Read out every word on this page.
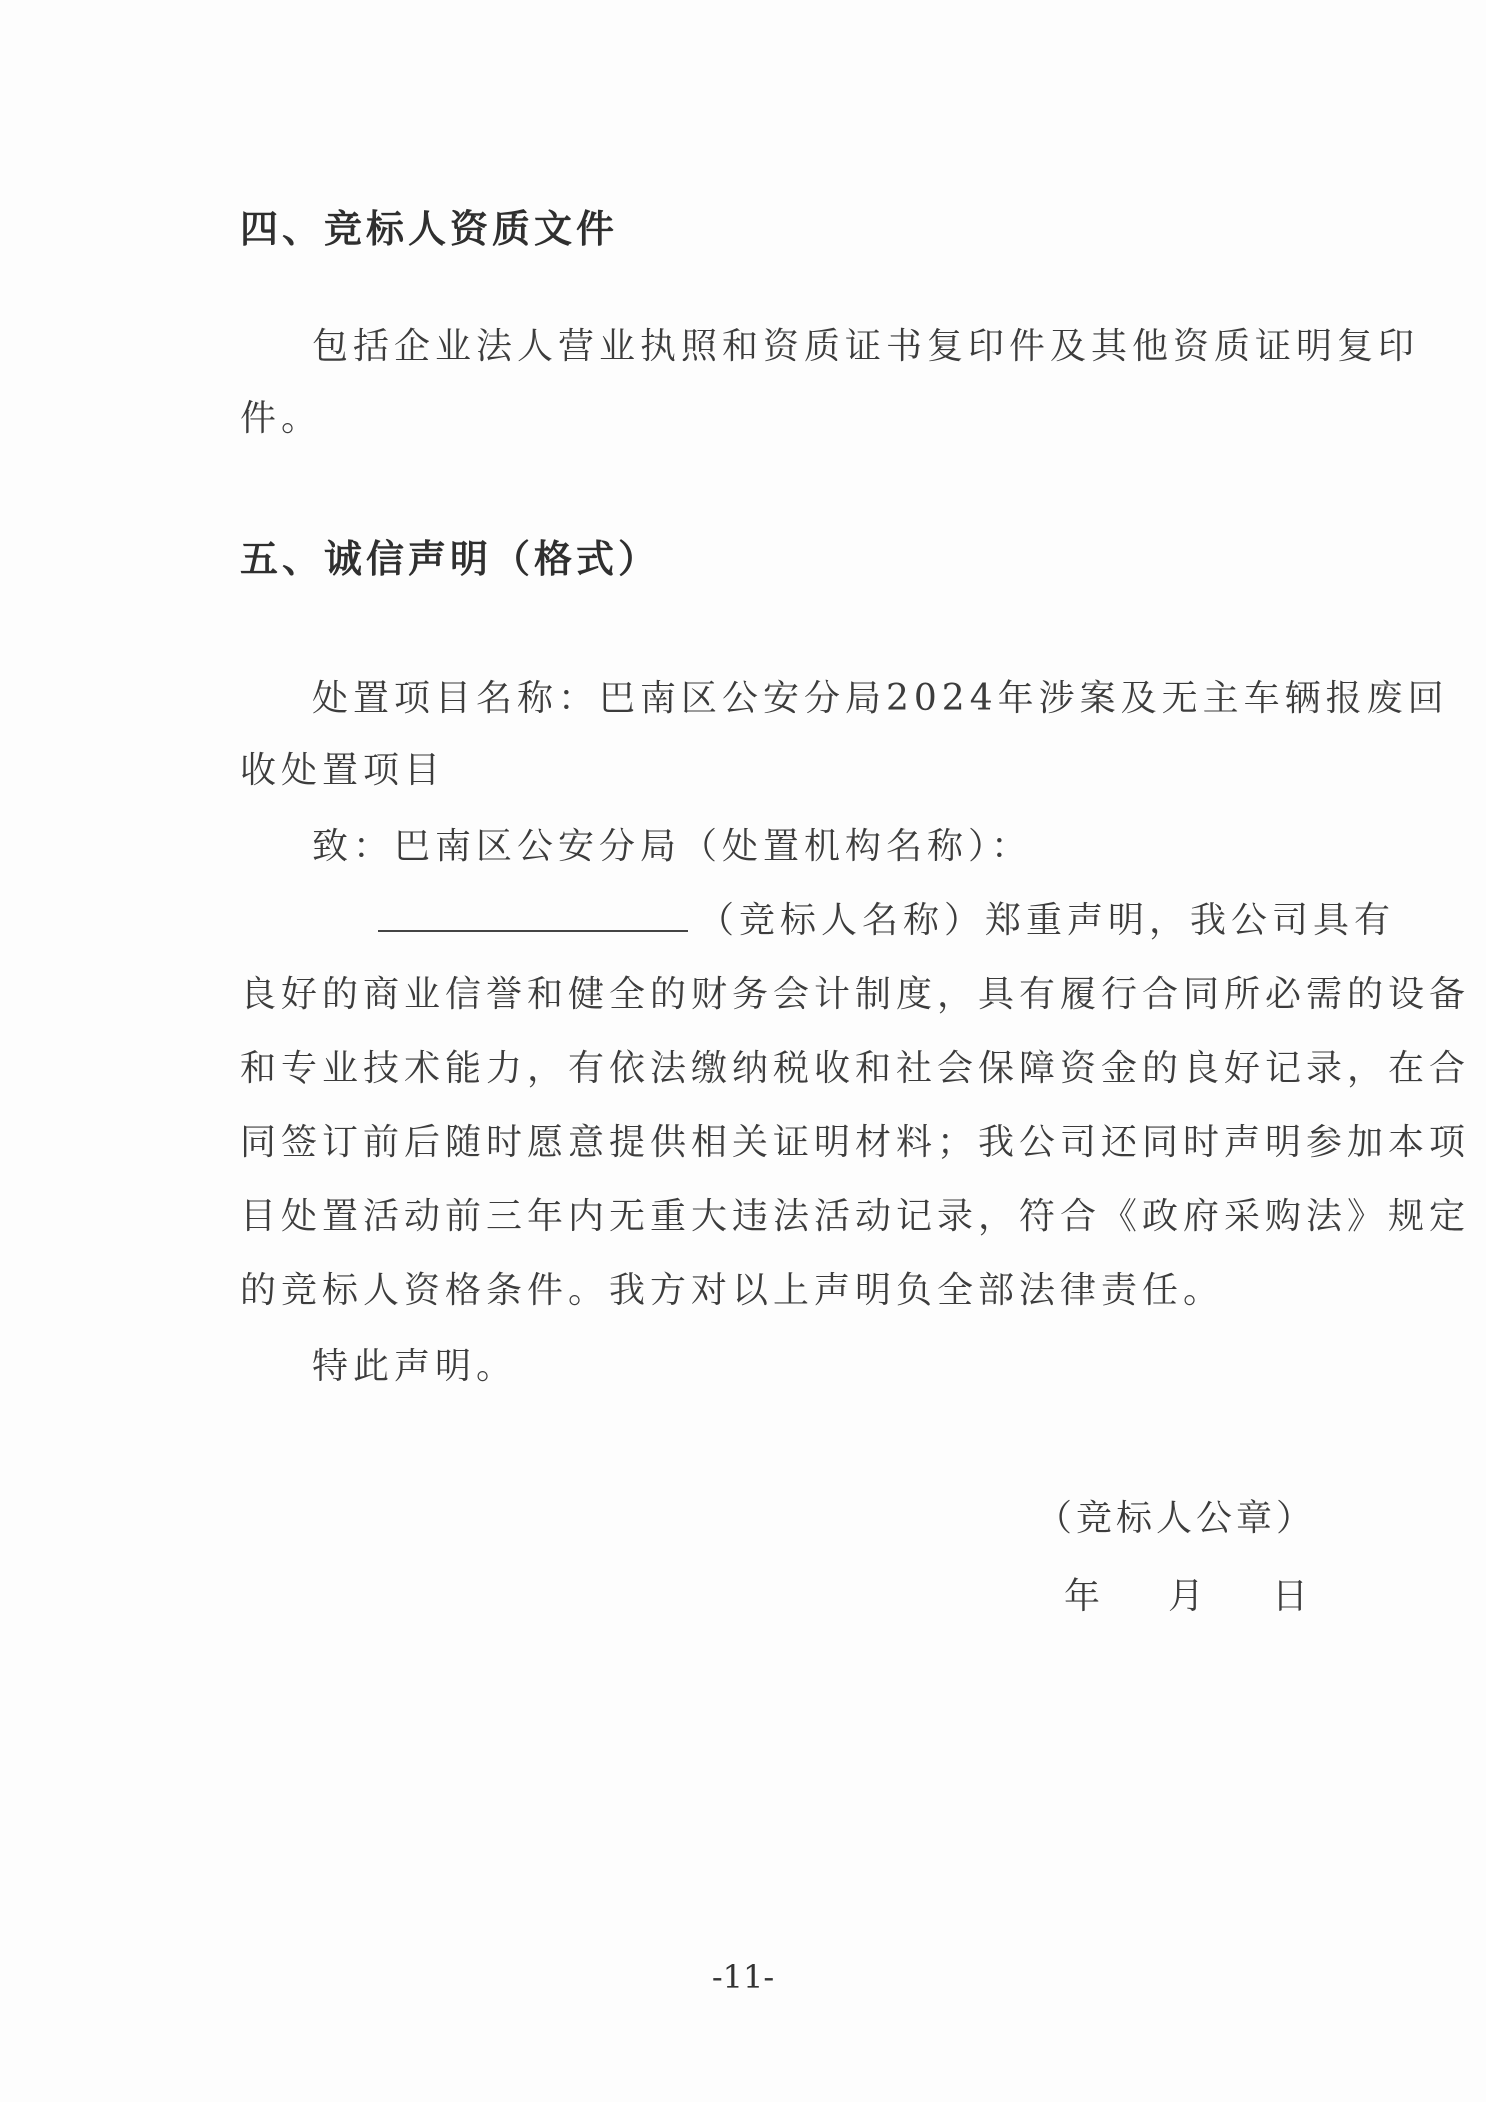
四、竞标人资质文件
包括企业法人营业执照和资质证书复印件及其他资质证明复印
件。
五、诚信声明（格式）
处置项目名称：巴南区公安分局2024年涉案及无主车辆报废回
收处置项目
致：巴南区公安分局（处置机构名称）：
（竞标人名称）郑重声明，我公司具有
良好的商业信誉和健全的财务会计制度，具有履行合同所必需的设备
和专业技术能力，有依法缴纳税收和社会保障资金的良好记录，在合
同签订前后随时愿意提供相关证明材料；我公司还同时声明参加本项
目处置活动前三年内无重大违法活动记录，符合《政府采购法》规定
的竞标人资格条件。我方对以上声明负全部法律责任。
特此声明。
（竞标人公章）
年 月 日
-11-
